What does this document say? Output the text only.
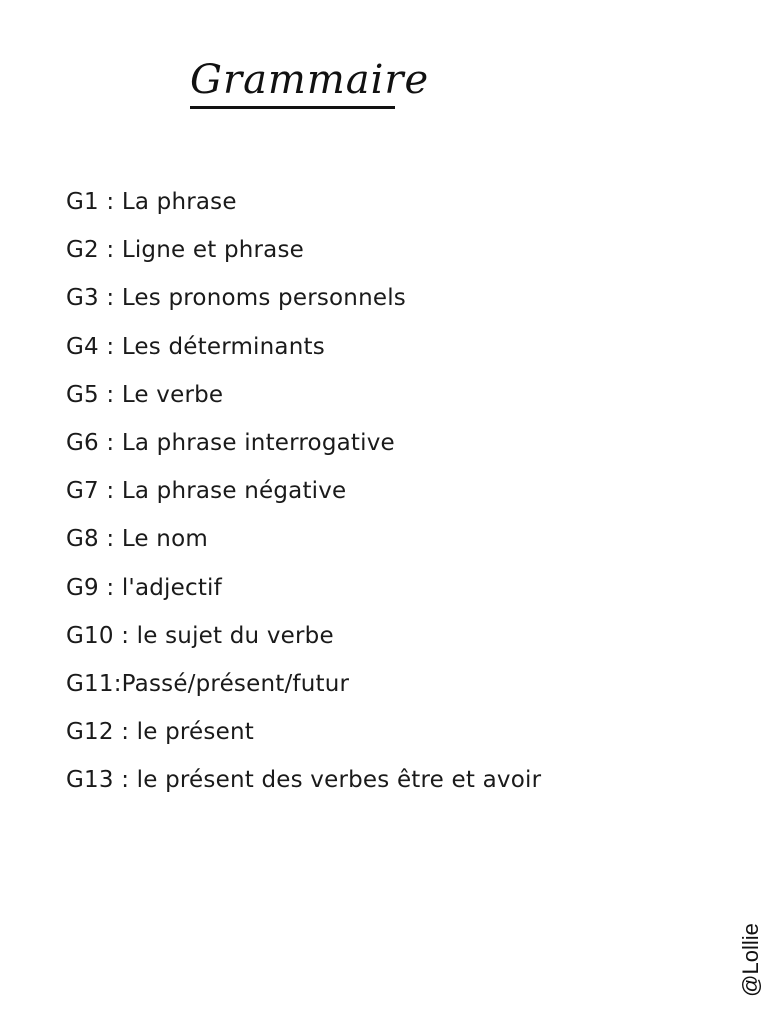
Grammaire
G1 : La phrase
G2 : Ligne et phrase
G3 : Les pronoms personnels
G4 : Les déterminants
G5 : Le verbe
G6 : La phrase interrogative
G7 : La phrase négative
G8 : Le nom
G9 : l'adjectif
G10 : le sujet du verbe
G11:Passé/présent/futur
G12 : le présent
G13 : le présent des verbes être et avoir
@Lollie
